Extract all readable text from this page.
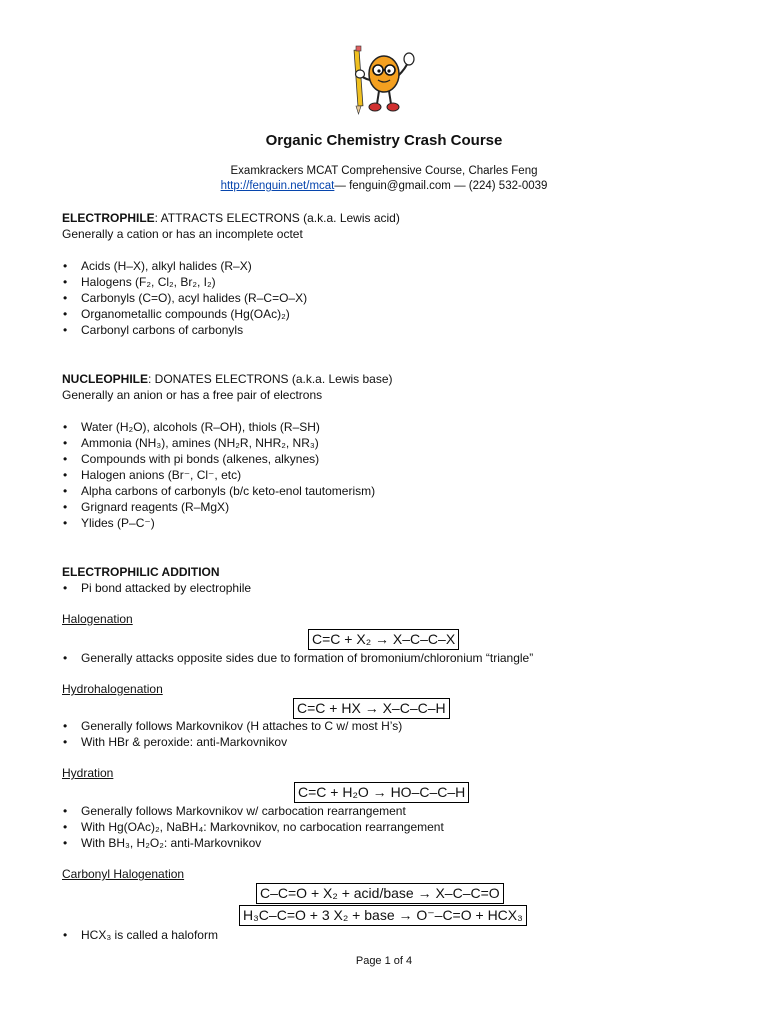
Organic Chemistry Crash Course
Examkrackers MCAT Comprehensive Course, Charles Feng
http://fenguin.net/mcat— fenguin@gmail.com — (224) 532-0039
ELECTROPHILE: ATTRACTS ELECTRONS (a.k.a. Lewis acid)
Generally a cation or has an incomplete octet
• Acids (H–X), alkyl halides (R–X)
• Halogens (F₂, Cl₂, Br₂, I₂)
• Carbonyls (C=O), acyl halides (R–C=O–X)
• Organometallic compounds (Hg(OAc)₂)
• Carbonyl carbons of carbonyls
NUCLEOPHILE: DONATES ELECTRONS (a.k.a. Lewis base)
Generally an anion or has a free pair of electrons
• Water (H₂O), alcohols (R–OH), thiols (R–SH)
• Ammonia (NH₃), amines (NH₂R, NHR₂, NR₃)
• Compounds with pi bonds (alkenes, alkynes)
• Halogen anions (Br⁻, Cl⁻, etc)
• Alpha carbons of carbonyls (b/c keto-enol tautomerism)
• Grignard reagents (R–MgX)
• Ylides (P–C⁻)
ELECTROPHILIC ADDITION
• Pi bond attacked by electrophile
Halogenation
C=C + X₂ → X–C–C–X
• Generally attacks opposite sides due to formation of bromonium/chloronium “triangle”
Hydrohalogenation
C=C + HX → X–C–C–H
• Generally follows Markovnikov (H attaches to C w/ most H’s)
• With HBr & peroxide: anti-Markovnikov
Hydration
C=C + H₂O → HO–C–C–H
• Generally follows Markovnikov w/ carbocation rearrangement
• With Hg(OAc)₂, NaBH₄: Markovnikov, no carbocation rearrangement
• With BH₃, H₂O₂: anti-Markovnikov
Carbonyl Halogenation
C–C=O + X₂ + acid/base → X–C–C=O
H₃C–C=O + 3 X₂ + base → O⁻–C=O + HCX₃
• HCX₃ is called a haloform
Page 1 of 4
